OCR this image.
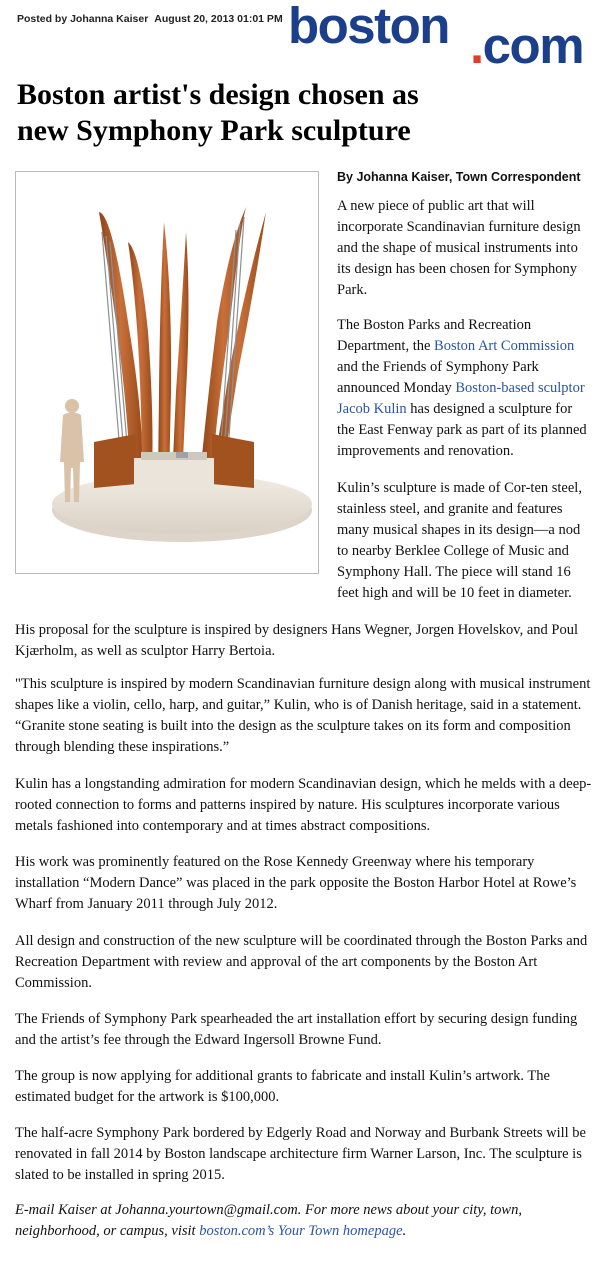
Posted by Johanna Kaiser August 20, 2013 01:01 PM boston .com
Boston artist's design chosen as
new Symphony Park sculpture
By Johanna Kaiser, Town Correspondent

A new piece of public art that will incorporate Scandinavian furniture design and the shape of musical instruments into its design has been chosen for Symphony Park.

The Boston Parks and Recreation Department, the Boston Art Commission and the Friends of Symphony Park announced Monday Boston-based sculptor Jacob Kulin has designed a sculpture for the East Fenway park as part of its planned improvements and renovation.

Kulin’s sculpture is made of Cor-ten steel, stainless steel, and granite and features many musical shapes in its design—a nod to nearby Berklee College of Music and Symphony Hall. The piece will stand 16 feet high and will be 10 feet in diameter.

His proposal for the sculpture is inspired by designers Hans Wegner, Jorgen Hovelskov, and Poul Kjærholm, as well as sculptor Harry Bertoia.

"This sculpture is inspired by modern Scandinavian furniture design along with musical instrument shapes like a violin, cello, harp, and guitar,” Kulin, who is of Danish heritage, said in a statement. “Granite stone seating is built into the design as the sculpture takes on its form and composition through blending these inspirations.”

Kulin has a longstanding admiration for modern Scandinavian design, which he melds with a deep-rooted connection to forms and patterns inspired by nature. His sculptures incorporate various metals fashioned into contemporary and at times abstract compositions.

His work was prominently featured on the Rose Kennedy Greenway where his temporary installation “Modern Dance” was placed in the park opposite the Boston Harbor Hotel at Rowe’s Wharf from January 2011 through July 2012.

All design and construction of the new sculpture will be coordinated through the Boston Parks and Recreation Department with review and approval of the art components by the Boston Art Commission.

The Friends of Symphony Park spearheaded the art installation effort by securing design funding and the artist’s fee through the Edward Ingersoll Browne Fund.

The group is now applying for additional grants to fabricate and install Kulin’s artwork. The estimated budget for the artwork is $100,000.

The half-acre Symphony Park bordered by Edgerly Road and Norway and Burbank Streets will be renovated in fall 2014 by Boston landscape architecture firm Warner Larson, Inc. The sculpture is slated to be installed in spring 2015.

E-mail Kaiser at Johanna.yourtown@gmail.com. For more news about your city, town, neighborhood, or campus, visit boston.com’s Your Town homepage.
